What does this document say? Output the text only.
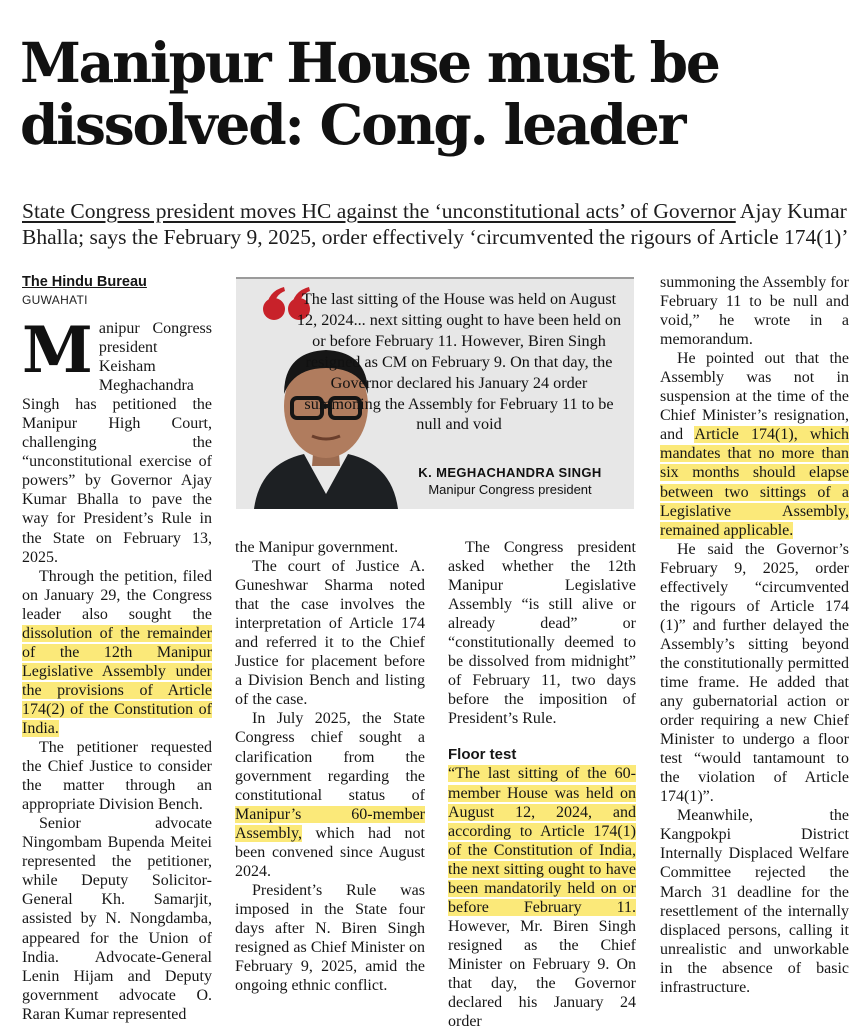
Manipur House must be dissolved: Cong. leader

State Congress president moves HC against the ‘unconstitutional acts’ of Governor Ajay Kumar Bhalla; says the February 9, 2025, order effectively ‘circumvented the rigours of Article 174(1)’

The Hindu Bureau
GUWAHATI

Manipur Congress president Keisham Meghachandra Singh has petitioned the Manipur High Court, challenging the “unconstitutional exercise of powers” by Governor Ajay Kumar Bhalla to pave the way for President’s Rule in the State on February 13, 2025.

Through the petition, filed on January 29, the Congress leader also sought the dissolution of the remainder of the 12th Manipur Legislative Assembly under the provisions of Article 174(2) of the Constitution of India.

The petitioner requested the Chief Justice to consider the matter through an appropriate Division Bench.

Senior advocate Ningombam Bupenda Meitei represented the petitioner, while Deputy Solicitor-General Kh. Samarjit, assisted by N. Nongdamba, appeared for the Union of India. Advocate-General Lenin Hijam and Deputy government advocate O. Raran Kumar represented

The last sitting of the House was held on August 12, 2024... next sitting ought to have been held on or before February 11. However, Biren Singh resigned as CM on February 9. On that day, the Governor declared his January 24 order summoning the Assembly for February 11 to be null and void

K. MEGHACHANDRA SINGH
Manipur Congress president

the Manipur government.

The court of Justice A. Guneshwar Sharma noted that the case involves the interpretation of Article 174 and referred it to the Chief Justice for placement before a Division Bench and listing of the case.

In July 2025, the State Congress chief sought a clarification from the government regarding the constitutional status of Manipur’s 60-member Assembly, which had not been convened since August 2024.

President’s Rule was imposed in the State four days after N. Biren Singh resigned as Chief Minister on February 9, 2025, amid the ongoing ethnic conflict.

The Congress president asked whether the 12th Manipur Legislative Assembly “is still alive or already dead” or “constitutionally deemed to be dissolved from midnight” of February 11, two days before the imposition of President’s Rule.

Floor test

“The last sitting of the 60-member House was held on August 12, 2024, and according to Article 174(1) of the Constitution of India, the next sitting ought to have been mandatorily held on or before February 11. However, Mr. Biren Singh resigned as the Chief Minister on February 9. On that day, the Governor declared his January 24 order

summoning the Assembly for February 11 to be null and void,” he wrote in a memorandum.

He pointed out that the Assembly was not in suspension at the time of the Chief Minister’s resignation, and Article 174(1), which mandates that no more than six months should elapse between two sittings of a Legislative Assembly, remained applicable.

He said the Governor’s February 9, 2025, order effectively “circumvented the rigours of Article 174 (1)” and further delayed the Assembly’s sitting beyond the constitutionally permitted time frame. He added that any gubernatorial action or order requiring a new Chief Minister to undergo a floor test “would tantamount to the violation of Article 174(1)”.

Meanwhile, the Kangpokpi District Internally Displaced Welfare Committee rejected the March 31 deadline for the resettlement of the internally displaced persons, calling it unrealistic and unworkable in the absence of basic infrastructure.
